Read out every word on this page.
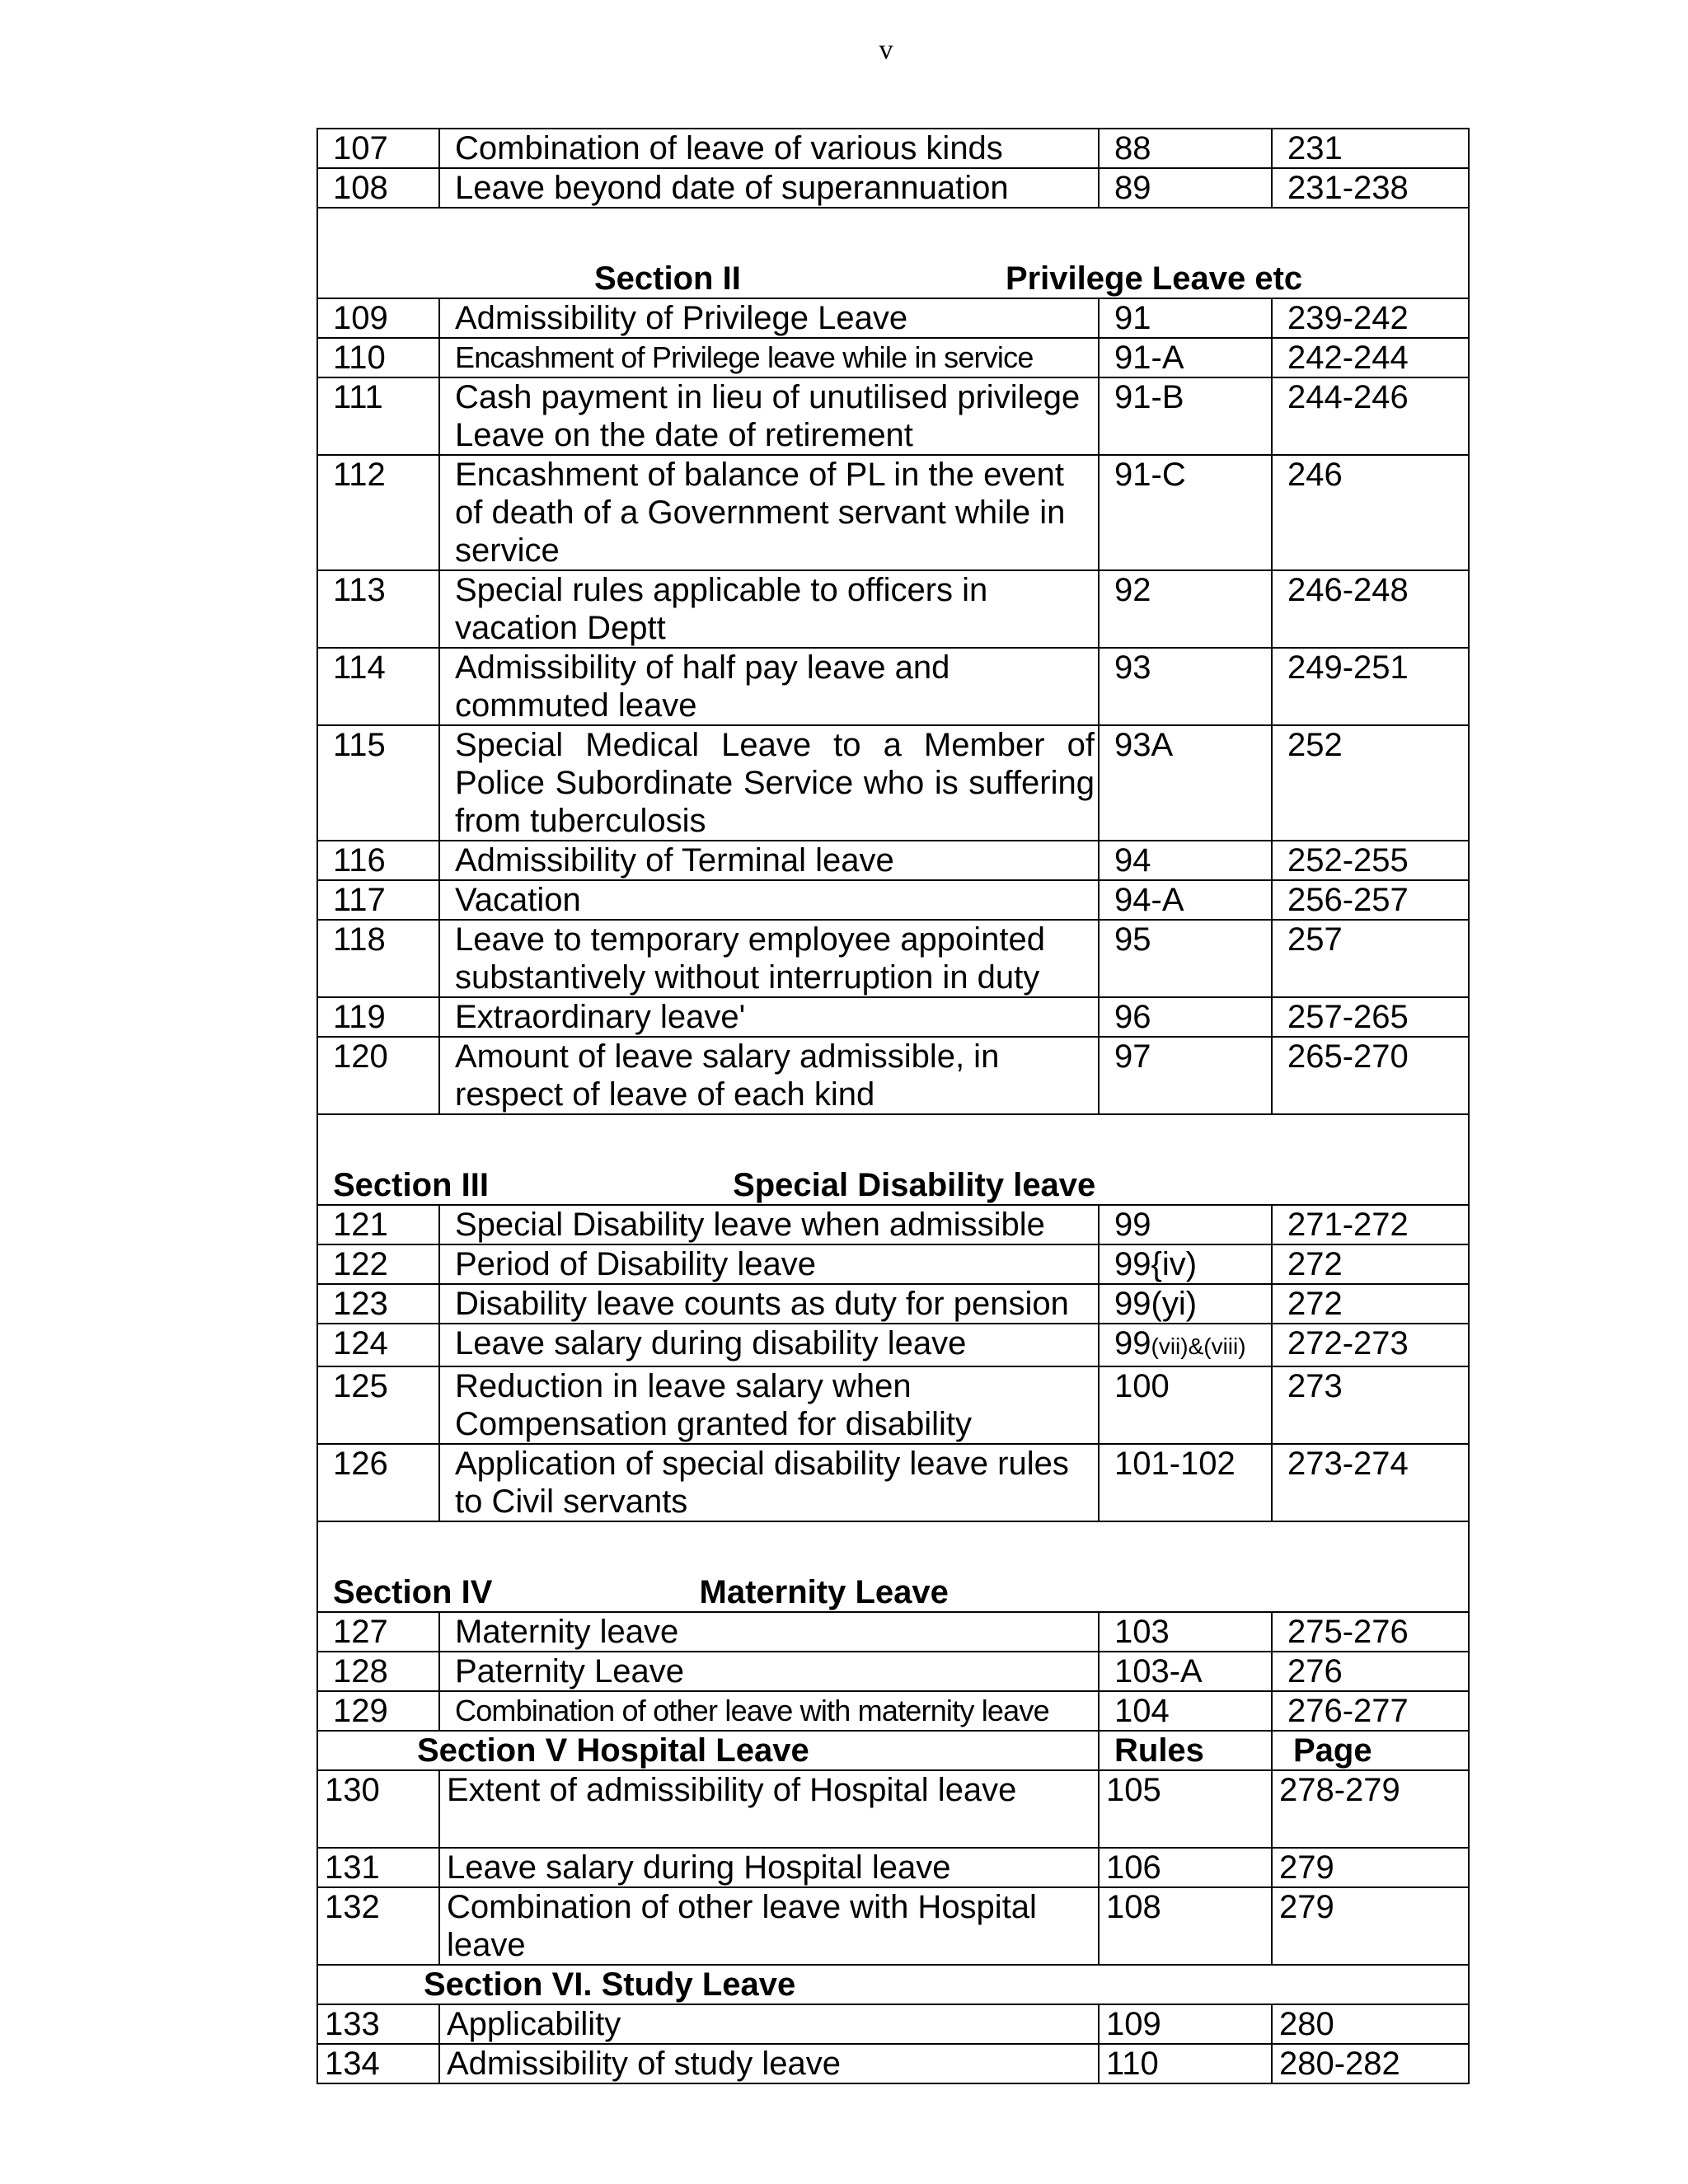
v
107	Combination of leave of various kinds	88	231
108	Leave beyond date of superannuation	89	231-238
Section II Privilege Leave etc			
109	Admissibility of Privilege Leave	91	239-242
110	Encashment of Privilege leave while in service	91-A	242-244
111	Cash payment in lieu of unutilised privilege Leave on the date of retirement	91-B	244-246
112	Encashment of balance of PL in the event of death of a Government servant while in service	91-C	246
113	Special rules applicable to officers in vacation Deptt	92	246-248
114	Admissibility of half pay leave and commuted leave	93	249-251
115	Special Medical Leave to a Member of Police Subordinate Service who is suffering from tuberculosis	93A	252
116	Admissibility of Terminal leave	94	252-255
117	Vacation	94-A	256-257
118	Leave to temporary employee appointed substantively without interruption in duty	95	257
119	Extraordinary leave'	96	257-265
120	Amount of leave salary admissible, in respect of leave of each kind	97	265-270
Section III Special Disability leave			
121	Special Disability leave when admissible	99	271-272
122	Period of Disability leave	99{iv)	272
123	Disability leave counts as duty for pension	99(yi)	272
124	Leave salary during disability leave	99(vii)&(viii)	272-273
125	Reduction in leave salary when Compensation granted for disability	100	273
126	Application of special disability leave rules to Civil servants	101-102	273-274
Section IV Maternity Leave			
127	Maternity leave	103	275-276
128	Paternity Leave	103-A	276
129	Combination of other leave with maternity leave	104	276-277
Section V Hospital Leave		Rules	Page
130	Extent of admissibility of Hospital leave	105	278-279
131	Leave salary during Hospital leave	106	279
132	Combination of other leave with Hospital leave	108	279
Section VI. Study Leave			
133	Applicability	109	280
134	Admissibility of study leave	110	280-282
